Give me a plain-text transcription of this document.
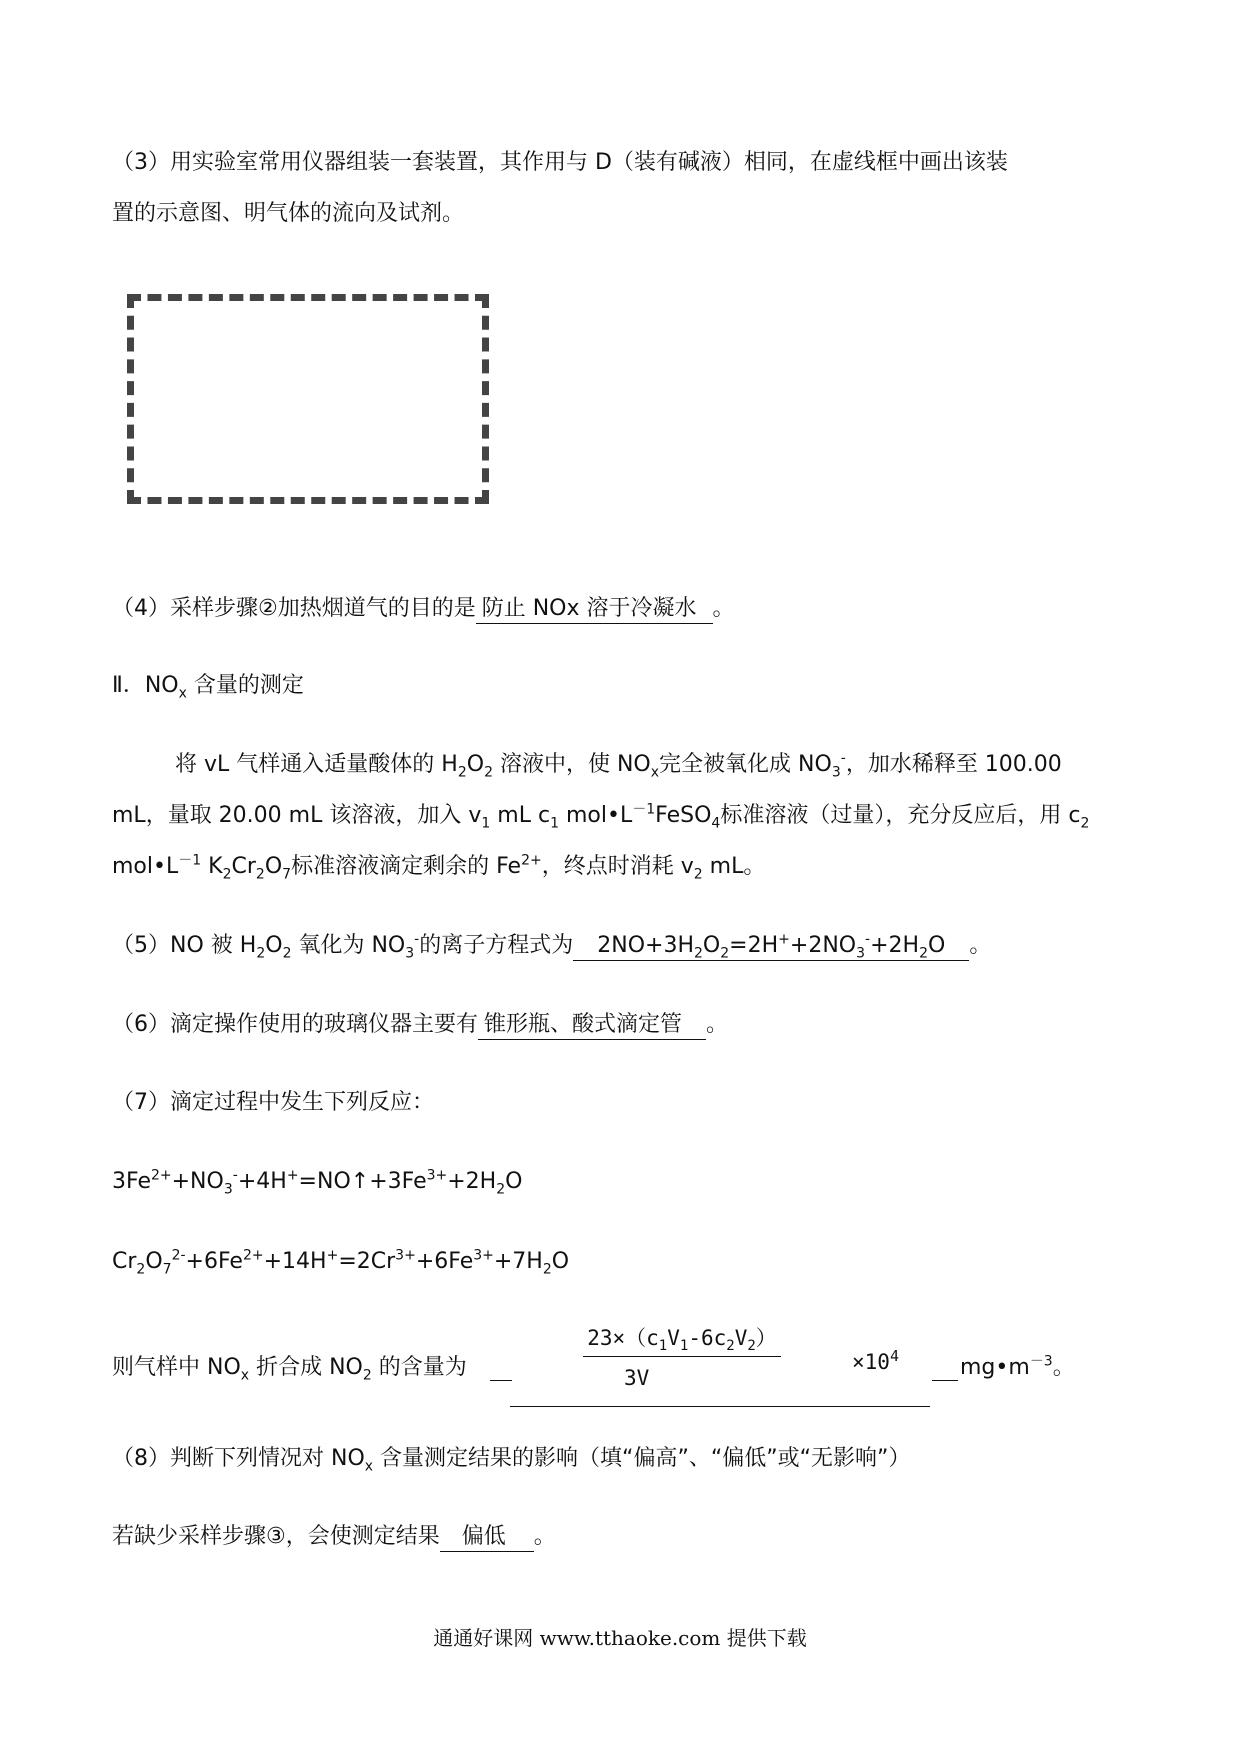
（3）用实验室常用仪器组装一套装置，其作用与 D（装有碱液）相同，在虚线框中画出该装
置的示意图、明气体的流向及试剂。
（4）采样步骤②加热烟道气的目的是 防止 NOx 溶于冷凝水 。
Ⅱ．$NO_x$ 含量的测定
将 vL 气样通入适量酸体的 $H_2O_2$ 溶液中，使 $NO_x$完全被氧化成 $NO_3^-$，加水稀释至 100.00
mL，量取 20.00 mL 该溶液，加入 $v_1$ mL $c_1$ $mol•L^{-1}FeSO_4$标准溶液（过量），充分反应后，用 $c_2$
$mol•L^{-1}$ $K_2Cr_2O_7$标准溶液滴定剩余的 $Fe^{2+}$，终点时消耗 $v_2$ mL。
（5）NO 被 $H_2O_2$ 氧化为 $NO_3^-$的离子方程式为 $2NO+3H_2O_2=2H^++2NO_3^-+2H_2O$ 。
（6）滴定操作使用的玻璃仪器主要有 锥形瓶、酸式滴定管 。
（7）滴定过程中发生下列反应：
$3Fe^{2+}+NO_3^-+4H^+=NO↑+3Fe^{3+}+2H_2O$
$Cr_2O_7^{2-}+6Fe^{2+}+14H^+=2Cr^{3+}+6Fe^{3+}+7H_2O$
则气样中 $NO_x$ 折合成 $NO_2$ 的含量为
$23\times(c_1V_1-6c_2V_2)$
3V
$\times 10^4$	$mg•m^{-3}$。
（8）判断下列情况对 $NO_x$ 含量测定结果的影响（填“偏高”、“偏低”或“无影响”）
若缺少采样步骤③，会使测定结果 偏低 。
通通好课网 www.tthaoke.com 提供下载
